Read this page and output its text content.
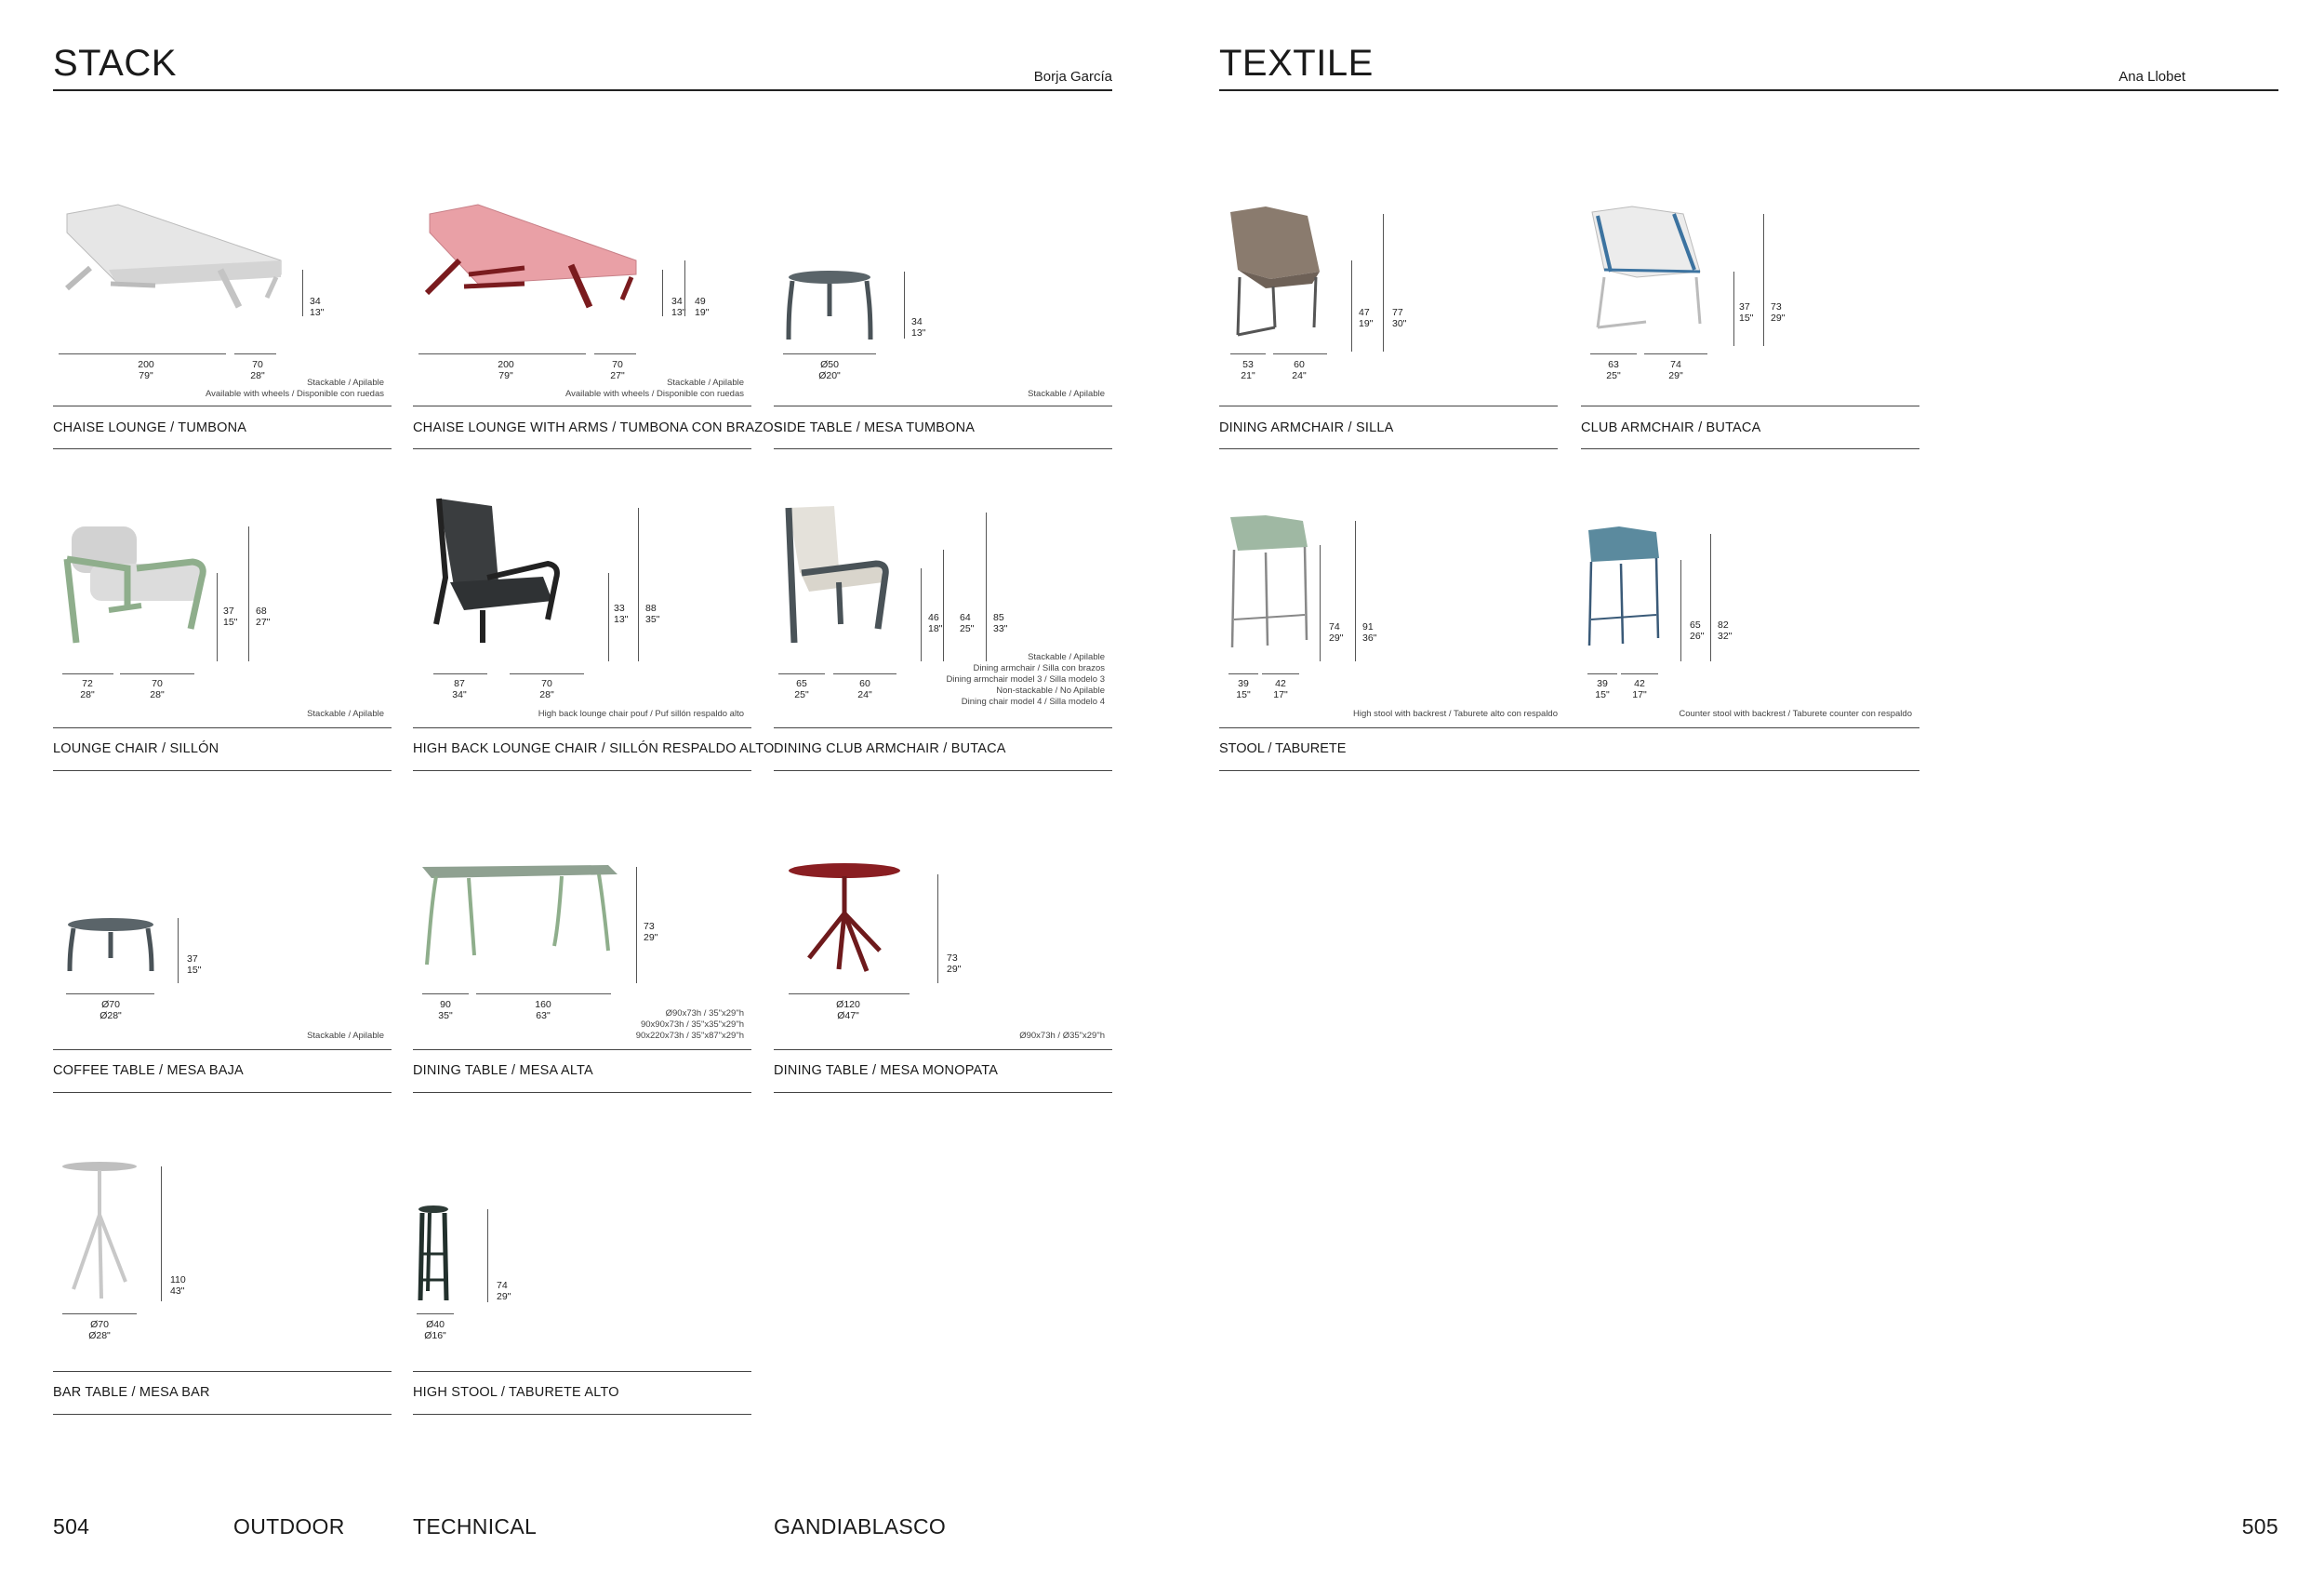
STACK	Borja García	TEXTILE	Ana Llobet
34
13"
200
79"
70
28"
Stackable / Apilable
Available with wheels / Disponible con ruedas
CHAISE LOUNGE / TUMBONA
34
13"
49
19"
200
79"
70
27"
Stackable / Apilable
Available with wheels / Disponible con ruedas
CHAISE LOUNGE WITH ARMS / TUMBONA CON BRAZOS
34
13"
Ø50
Ø20"
Stackable / Apilable
SIDE TABLE / MESA TUMBONA
47
19"
77
30"
53
21"
60
24"
DINING ARMCHAIR / SILLA
37
15"
73
29"
63
25"
74
29"
CLUB ARMCHAIR / BUTACA
37
15"
68
27"
72
28"
70
28"
Stackable / Apilable
LOUNGE CHAIR / SILLÓN
33
13"
88
35"
87
34"
70
28"
High back lounge chair pouf / Puf sillón respaldo alto
HIGH BACK LOUNGE CHAIR / SILLÓN RESPALDO ALTO
46
18"
64
25"
85
33"
65
25"
60
24"
Stackable / Apilable
Dining armchair / Silla con brazos
Dining armchair model 3 / Silla modelo 3
Non-stackable / No Apilable
Dining chair model 4 / Silla modelo 4
DINING CLUB ARMCHAIR / BUTACA
74
29"
91
36"
39
15"
42
17"
High stool with backrest / Taburete alto con respaldo
65
26"
82
32"
39
15"
42
17"
Counter stool with backrest / Taburete counter con respaldo
STOOL / TABURETE
37
15"
Ø70
Ø28"
Stackable / Apilable
COFFEE TABLE / MESA BAJA
73
29"
90
35"
160
63"	Ø90x73h / 35"x29"h
90x90x73h / 35"x35"x29"h
90x220x73h / 35"x87"x29"h
DINING TABLE / MESA ALTA
73
29"
Ø120
Ø47"
Ø90x73h / Ø35"x29"h
DINING TABLE / MESA MONOPATA
110
43"
Ø70
Ø28"
BAR TABLE / MESA BAR
74
29"
Ø40
Ø16"
HIGH STOOL / TABURETE ALTO
504	OUTDOOR	TECHNICAL	GANDIABLASCO	505
